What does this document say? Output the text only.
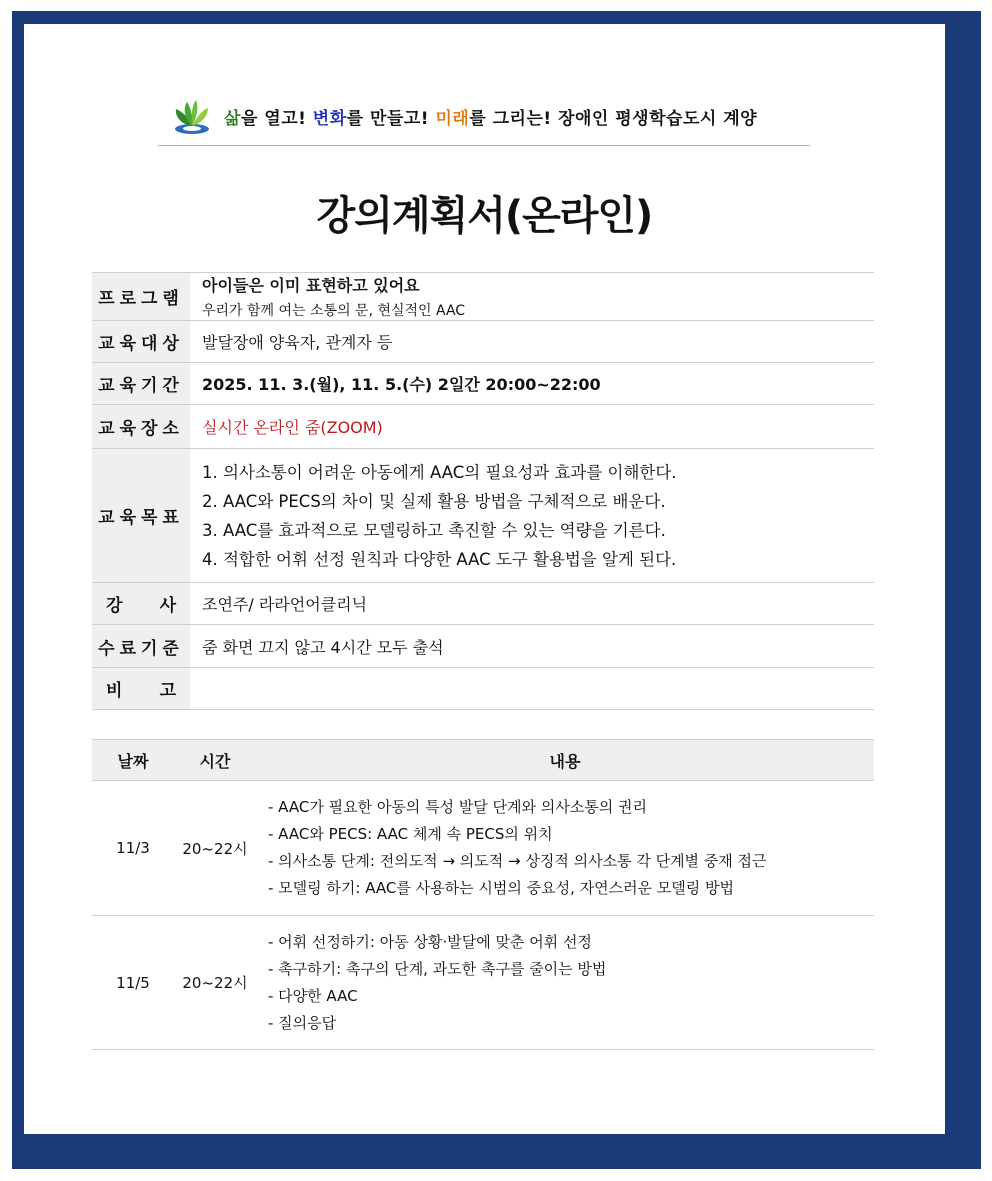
삶을 열고! 변화를 만들고! 미래를 그리는! 장애인 평생학습도시 계양
강의계획서(온라인)
프로그램	아이들은 이미 표현하고 있어요
우리가 함께 여는 소통의 문, 현실적인 AAC

교육대상	발달장애 양육자, 관계자 등
교육기간	2025. 11. 3.(월), 11. 5.(수) 2일간 20:00~22:00
교육장소	실시간 온라인 줌(ZOOM)
교육목표	1. 의사소통이 어려운 아동에게 AAC의 필요성과 효과를 이해한다.
2. AAC와 PECS의 차이 및 실제 활용 방법을 구체적으로 배운다.
3. AAC를 효과적으로 모델링하고 촉진할 수 있는 역량을 기른다.
4. 적합한 어휘 선정 원칙과 다양한 AAC 도구 활용법을 알게 된다.

강 사	조연주/ 라라언어클리닉
수료기준	줌 화면 끄지 않고 4시간 모두 출석

비 고	

날짜	시간	내용
11/3	20~22시	- AAC가 필요한 아동의 특성 발달 단계와 의사소통의 권리
- AAC와 PECS: AAC 체계 속 PECS의 위치
- 의사소통 단계: 전의도적 → 의도적 → 상징적 의사소통 각 단계별 중재 접근
- 모델링 하기: AAC를 사용하는 시범의 중요성, 자연스러운 모델링 방법

11/5	20~22시	- 어휘 선정하기: 아동 상황·발달에 맞춘 어휘 선정
- 촉구하기: 촉구의 단계, 과도한 촉구를 줄이는 방법
- 다양한 AAC
- 질의응답
